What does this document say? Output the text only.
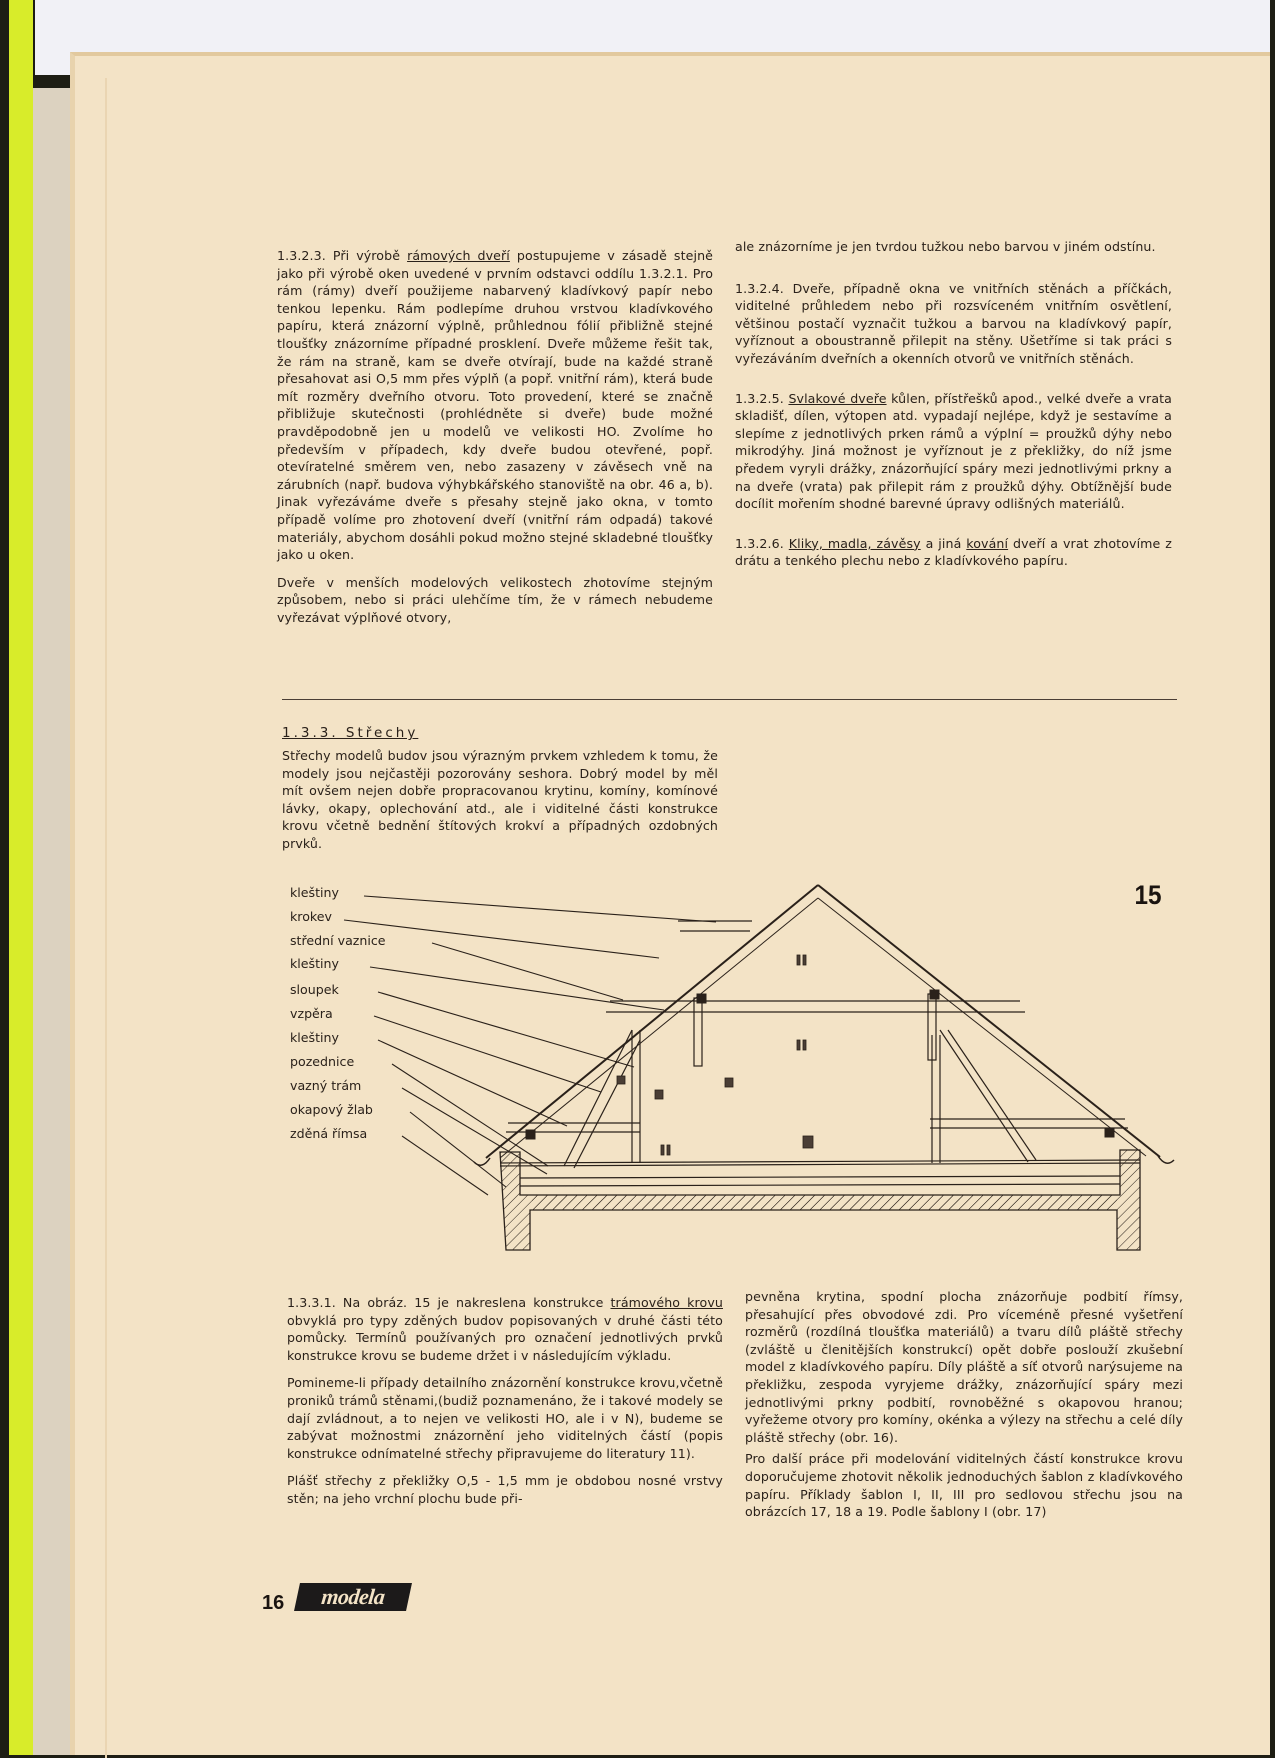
1.3.2.3. Při výrobě rámových dveří postupujeme v zásadě stejně jako při výrobě oken uvedené v prvním odstavci oddílu 1.3.2.1. Pro rám (rámy) dveří použijeme nabarvený kladívkový papír nebo tenkou lepenku. Rám podlepíme druhou vrstvou kladívkového papíru, která znázorní výplně, průhlednou fólií přibližně stejné tloušťky znázorníme případné prosklení. Dveře můžeme řešit tak, že rám na straně, kam se dveře otvírají, bude na každé straně přesahovat asi O,5 mm přes výplň (a popř. vnitřní rám), která bude mít rozměry dveřního otvoru. Toto provedení, které se značně přibližuje skutečnosti (prohlédněte si dveře) bude možné pravděpodobně jen u modelů ve velikosti HO. Zvolíme ho především v případech, kdy dveře budou otevřené, popř. otevíratelné směrem ven, nebo zasazeny v závěsech vně na zárubních (např. budova výhybkářského stanoviště na obr. 46 a, b). Jinak vyřezáváme dveře s přesahy stejně jako okna, v tomto případě volíme pro zhotovení dveří (vnitřní rám odpadá) takové materiály, abychom dosáhli pokud možno stejné skladebné tloušťky jako u oken.

Dveře v menších modelových velikostech zhotovíme stejným způsobem, nebo si práci ulehčíme tím, že v rámech nebudeme vyřezávat výplňové otvory,

ale znázorníme je jen tvrdou tužkou nebo barvou v jiném odstínu.

1.3.2.4. Dveře, případně okna ve vnitřních stěnách a příčkách, viditelné průhledem nebo při rozsvíceném vnitřním osvětlení, většinou postačí vyznačit tužkou a barvou na kladívkový papír, vyříznout a oboustranně přilepit na stěny. Ušetříme si tak práci s vyřezáváním dveřních a okenních otvorů ve vnitřních stěnách.

1.3.2.5. Svlakové dveře kůlen, přístřešků apod., velké dveře a vrata skladišť, dílen, výtopen atd. vypadají nejlépe, když je sestavíme a slepíme z jednotlivých prken rámů a výplní = proužků dýhy nebo mikrodýhy. Jiná možnost je vyříznout je z překližky, do níž jsme předem vyryli drážky, znázorňující spáry mezi jednotlivými prkny a na dveře (vrata) pak přilepit rám z proužků dýhy. Obtížnější bude docílit mořením shodné barevné úpravy odlišných materiálů.

1.3.2.6. Kliky, madla, závěsy a jiná kování dveří a vrat zhotovíme z drátu a tenkého plechu nebo z kladívkového papíru.

1.3.3. Střechy
Střechy modelů budov jsou výrazným prvkem vzhledem k tomu, že modely jsou nejčastěji pozorovány seshora. Dobrý model by měl mít ovšem nejen dobře propracovanou krytinu, komíny, komínové lávky, okapy, oplechování atd., ale i viditelné části konstrukce krovu včetně bednění štítových krokví a případných ozdobných prvků.
15
kleštiny
krokev
střední vaznice
kleštiny
sloupek
vzpěra
kleštiny
pozednice
vazný trám
okapový žlab
zděná římsa

1.3.3.1. Na obráz. 15 je nakreslena konstrukce trámového krovu obvyklá pro typy zděných budov popisovaných v druhé části této pomůcky. Termínů používaných pro označení jednotlivých prvků konstrukce krovu se budeme držet i v následujícím výkladu.

Pomineme-li případy detailního znázornění konstrukce krovu,včetně proniků trámů stěnami,(budiž poznamenáno, že i takové modely se dají zvládnout, a to nejen ve velikosti HO, ale i v N), budeme se zabývat možnostmi znázornění jeho viditelných částí (popis konstrukce odnímatelné střechy připravujeme do literatury 11).

Plášť střechy z překližky O,5 - 1,5 mm je obdobou nosné vrstvy stěn; na jeho vrchní plochu bude při-

pevněna krytina, spodní plocha znázorňuje podbití římsy, přesahující přes obvodové zdi. Pro víceméně přesné vyšetření rozměrů (rozdílná tloušťka materiálů) a tvaru dílů pláště střechy (zvláště u členitějších konstrukcí) opět dobře poslouží zkušební model z kladívkového papíru. Díly pláště a síť otvorů narýsujeme na překližku, zespoda vyryjeme drážky, znázorňující spáry mezi jednotlivými prkny podbití, rovnoběžné s okapovou hranou; vyřežeme otvory pro komíny, okénka a výlezy na střechu a celé díly pláště střechy (obr. 16).

Pro další práce při modelování viditelných částí konstrukce krovu doporučujeme zhotovit několik jednoduchých šablon z kladívkového papíru. Příklady šablon I, II, III pro sedlovou střechu jsou na obrázcích 17, 18 a 19. Podle šablony I (obr. 17)

16	modela
